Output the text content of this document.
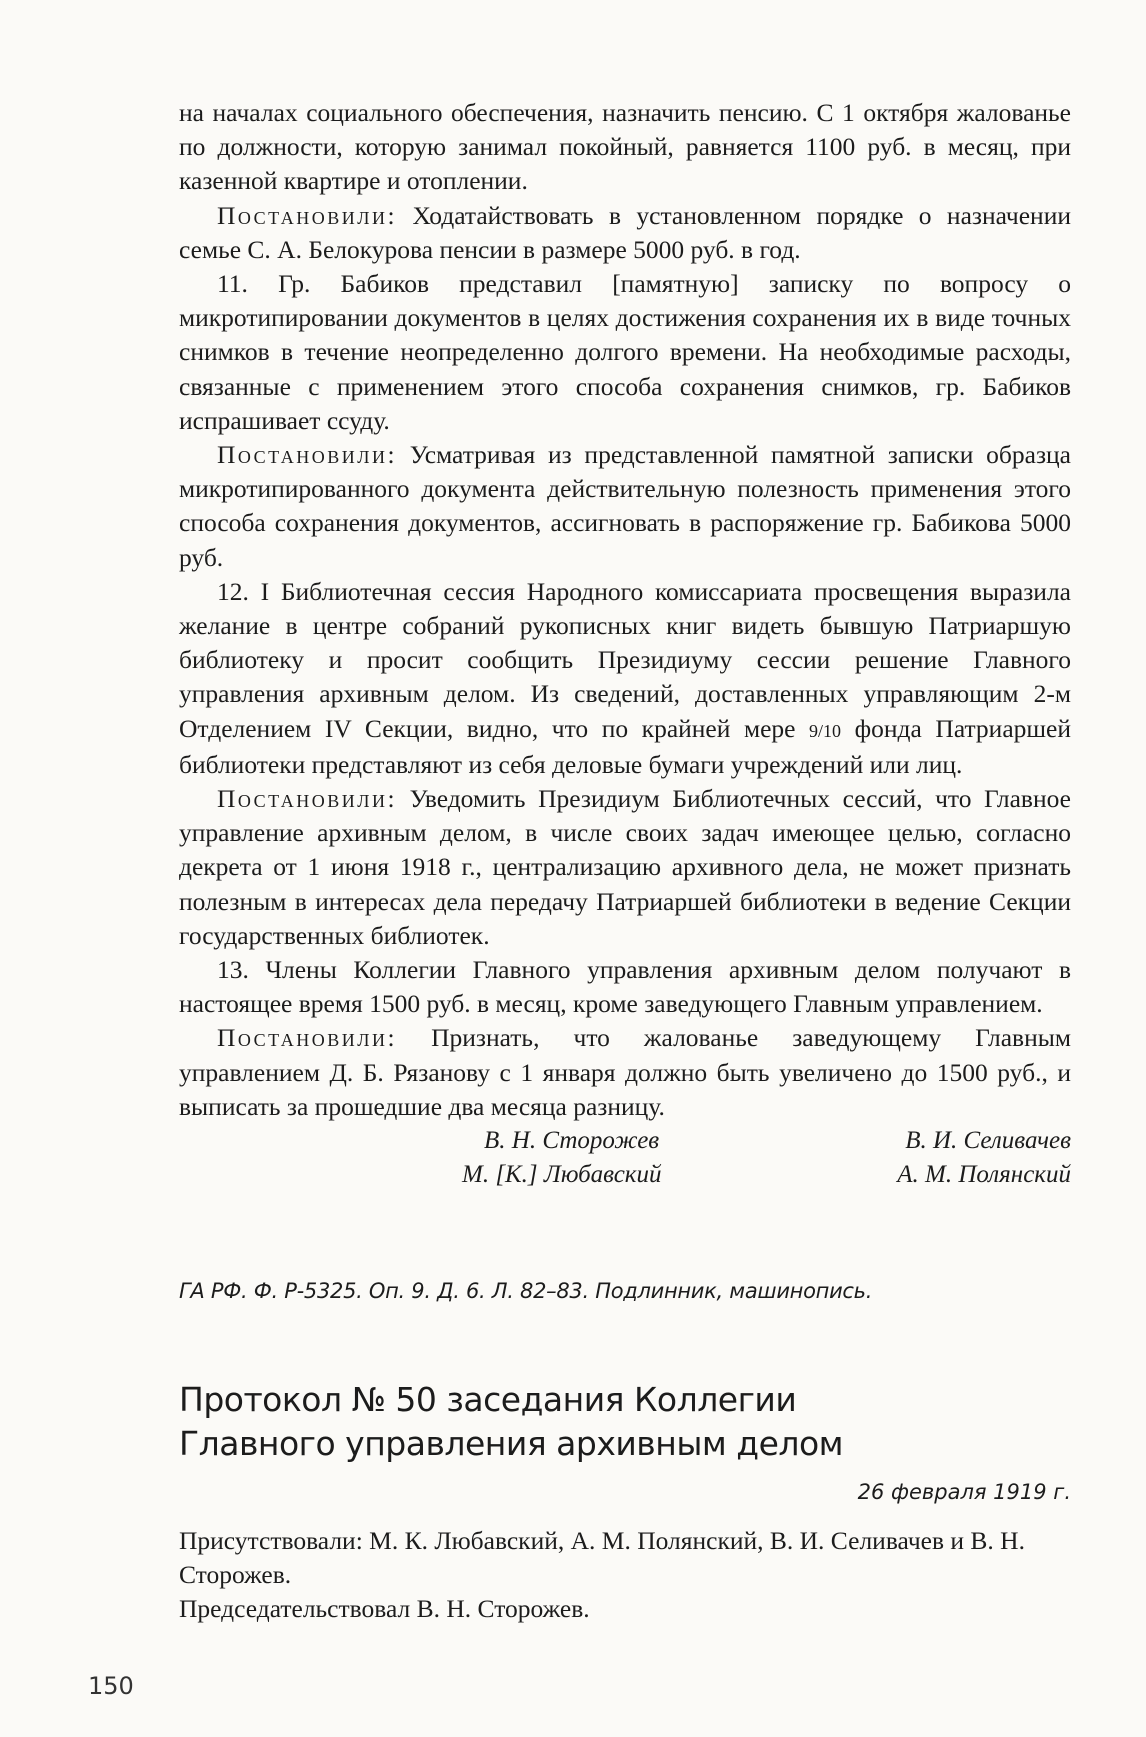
на началах социального обеспечения, назначить пенсию. С 1 октября жалованье по должности, которую занимал покойный, равняется 1100 руб. в месяц, при казенной квартире и отоплении.

Постановили: Ходатайствовать в установленном порядке о назначении семье С. А. Белокурова пенсии в размере 5000 руб. в год.

11. Гр. Бабиков представил [памятную] записку по вопросу о микротипировании документов в целях достижения сохранения их в виде точных снимков в течение неопределенно долгого времени. На необходимые расходы, связанные с применением этого способа сохранения снимков, гр. Бабиков испрашивает ссуду.

Постановили: Усматривая из представленной памятной записки образца микротипированного документа действительную полезность применения этого способа сохранения документов, ассигновать в распоряжение гр. Бабикова 5000 руб.

12. I Библиотечная сессия Народного комиссариата просвещения выразила желание в центре собраний рукописных книг видеть бывшую Патриаршую библиотеку и просит сообщить Президиуму сессии решение Главного управления архивным делом. Из сведений, доставленных управляющим 2-м Отделением IV Секции, видно, что по крайней мере 9/10 фонда Патриаршей библиотеки представляют из себя деловые бумаги учреждений или лиц.

Постановили: Уведомить Президиум Библиотечных сессий, что Главное управление архивным делом, в числе своих задач имеющее целью, согласно декрета от 1 июня 1918 г., централизацию архивного дела, не может признать полезным в интересах дела передачу Патриаршей библиотеки в ведение Секции государственных библиотек.

13. Члены Коллегии Главного управления архивным делом получают в настоящее время 1500 руб. в месяц, кроме заведующего Главным управлением.

Постановили: Признать, что жалованье заведующему Главным управлением Д. Б. Рязанову с 1 января должно быть увеличено до 1500 руб., и выписать за прошедшие два месяца разницу.

В. Н. Сторожев	В. И. Селивачев
М. [К.] Любавский	А. М. Полянский
ГА РФ. Ф. Р-5325. Оп. 9. Д. 6. Л. 82–83. Подлинник, машинопись.
Протокол № 50 заседания Коллегии
Главного управления архивным делом
26 февраля 1919 г.

Присутствовали: М. К. Любавский, А. М. Полянский, В. И. Селивачев и В. Н. Сторожев.

Председательствовал В. Н. Сторожев.

150
